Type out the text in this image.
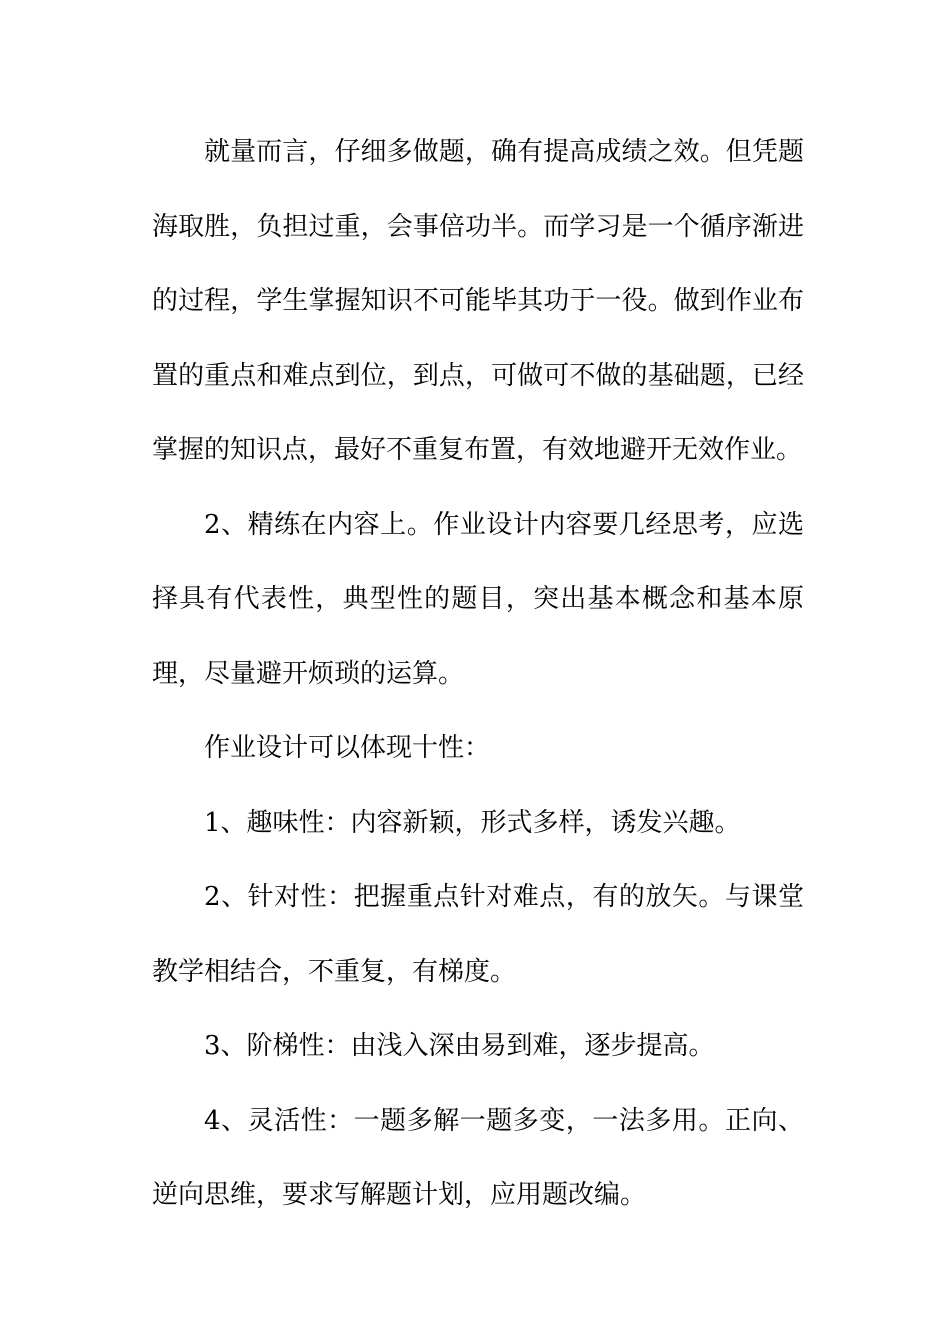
就量而言，仔细多做题，确有提高成绩之效。但凭题海取胜，负担过重，会事倍功半。而学习是一个循序渐进的过程，学生掌握知识不可能毕其功于一役。做到作业布置的重点和难点到位，到点，可做可不做的基础题，已经掌握的知识点，最好不重复布置，有效地避开无效作业。

2、精练在内容上。作业设计内容要几经思考，应选择具有代表性，典型性的题目，突出基本概念和基本原理，尽量避开烦琐的运算。

作业设计可以体现十性：

1、趣味性：内容新颖，形式多样，诱发兴趣。

2、针对性：把握重点针对难点，有的放矢。与课堂教学相结合，不重复，有梯度。

3、阶梯性：由浅入深由易到难，逐步提高。

4、灵活性：一题多解一题多变，一法多用。正向、逆向思维，要求写解题计划，应用题改编。
